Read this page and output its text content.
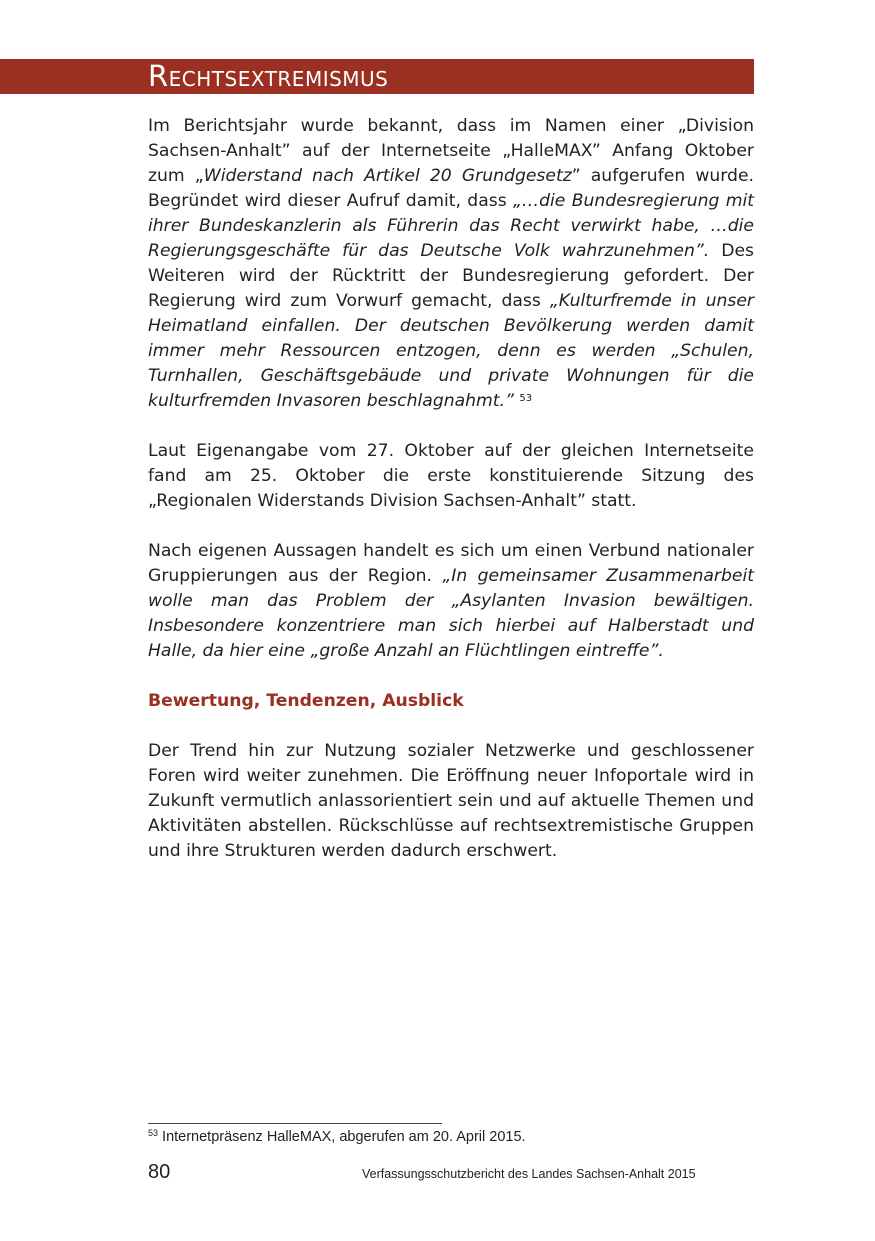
Rechtsextremismus

Im Berichtsjahr wurde bekannt, dass im Namen einer „Division Sachsen-Anhalt” auf der Internetseite „HalleMAX” Anfang Oktober zum „Widerstand nach Artikel 20 Grundgesetz” aufgerufen wurde. Begründet wird dieser Aufruf damit, dass „…die Bundesregierung mit ihrer Bundeskanzlerin als Führerin das Recht verwirkt habe, …die Regierungsgeschäfte für das Deutsche Volk wahrzunehmen”. Des Weiteren wird der Rücktritt der Bundesregierung gefordert. Der Regierung wird zum Vorwurf gemacht, dass „Kulturfremde in unser Heimatland einfallen. Der deutschen Bevölkerung werden damit immer mehr Ressourcen entzogen, denn es werden „Schulen, Turnhallen, Geschäftsgebäude und private Wohnungen für die kulturfremden Invasoren beschlagnahmt.” $^{53}$

Laut Eigenangabe vom 27. Oktober auf der gleichen Internetseite fand am 25. Oktober die erste konstituierende Sitzung des „Regionalen Widerstands Division Sachsen-Anhalt” statt.

Nach eigenen Aussagen handelt es sich um einen Verbund nationaler Gruppierungen aus der Region. „In gemeinsamer Zusammenarbeit wolle man das Problem der „Asylanten Invasion bewältigen. Insbesondere konzentriere man sich hierbei auf Halberstadt und Halle, da hier eine „große Anzahl an Flüchtlingen eintreffe”.

Bewertung, Tendenzen, Ausblick

Der Trend hin zur Nutzung sozialer Netzwerke und geschlossener Foren wird weiter zunehmen. Die Eröffnung neuer Infoportale wird in Zukunft vermutlich anlassorientiert sein und auf aktuelle Themen und Aktivitäten abstellen. Rückschlüsse auf rechtsextremistische Gruppen und ihre Strukturen werden dadurch erschwert.

$^{53}$ Internetpräsenz HalleMAX, abgerufen am 20. April 2015.
80	Verfassungsschutzbericht des Landes Sachsen-Anhalt 2015
